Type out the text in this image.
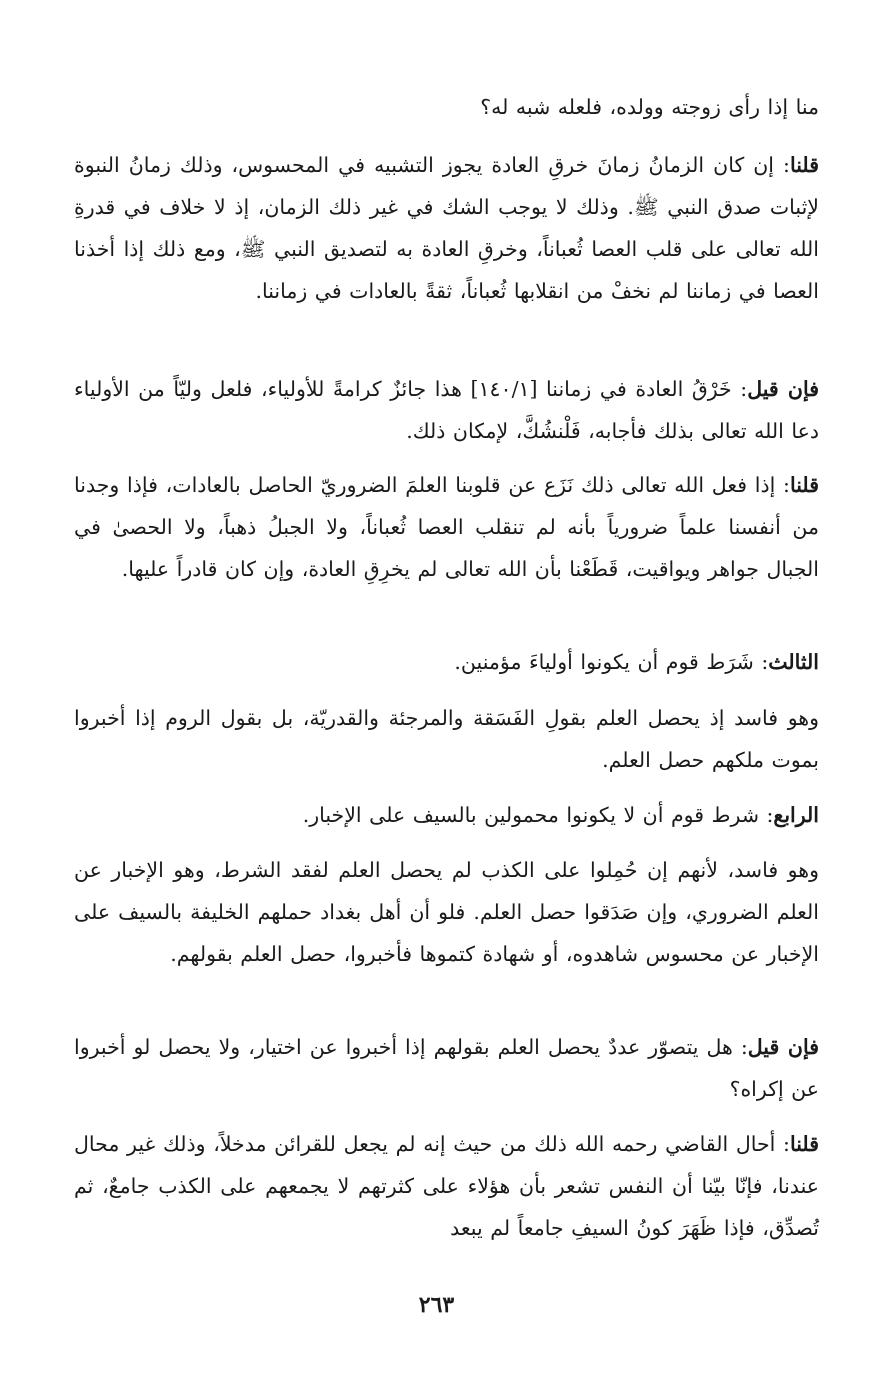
منا إذا رأى زوجته وولده، فلعله شبه له؟

قلنا: إن كان الزمانُ زمانَ خرقِ العادة يجوز التشبيه في المحسوس، وذلك زمانُ النبوة لإثبات صدق النبي ﷺ. وذلك لا يوجب الشك في غير ذلك الزمان، إذ لا خلاف في قدرةِ الله تعالى على قلب العصا ثُعباناً، وخرقِ العادة به لتصديق النبي ﷺ، ومع ذلك إذا أخذنا العصا في زماننا لم نخفْ من انقلابها ثُعباناً، ثقةً بالعادات في زماننا.

فإن قيل: خَرْقُ العادة في زماننا [١٤٠/١] هذا جائزٌ كرامةً للأولياء، فلعل وليّاً من الأولياء دعا الله تعالى بذلك فأجابه، فَلْنشُكَّ، لإمكان ذلك.

قلنا: إذا فعل الله تعالى ذلك نَزَع عن قلوبنا العلمَ الضروريّ الحاصل بالعادات، فإذا وجدنا من أنفسنا علماً ضرورياً بأنه لم تنقلب العصا ثُعباناً، ولا الجبلُ ذهباً، ولا الحصىٰ في الجبال جواهر ويواقيت، قَطَعْنا بأن الله تعالى لم يخرِقِ العادة، وإن كان قادراً عليها.

الثالث: شَرَط قوم أن يكونوا أولياءَ مؤمنين.

وهو فاسد إذ يحصل العلم بقولِ الفَسَقة والمرجئة والقدريّة، بل بقول الروم إذا أخبروا بموت ملكهم حصل العلم.

الرابع: شرط قوم أن لا يكونوا محمولين بالسيف على الإخبار.

وهو فاسد، لأنهم إن حُمِلوا على الكذب لم يحصل العلم لفقد الشرط، وهو الإخبار عن العلم الضروري، وإن صَدَقوا حصل العلم. فلو أن أهل بغداد حملهم الخليفة بالسيف على الإخبار عن محسوس شاهدوه، أو شهادة كتموها فأخبروا، حصل العلم بقولهم.

فإن قيل: هل يتصوّر عددٌ يحصل العلم بقولهم إذا أخبروا عن اختيار، ولا يحصل لو أخبروا عن إكراه؟

قلنا: أحال القاضي رحمه الله ذلك من حيث إنه لم يجعل للقرائن مدخلاً، وذلك غير محال عندنا، فإنّا بيّنا أن النفس تشعر بأن هؤلاء على كثرتهم لا يجمعهم على الكذب جامعٌ، ثم تُصدِّق، فإذا ظَهَرَ كونُ السيفِ جامعاً لم يبعد

٢٦٣
